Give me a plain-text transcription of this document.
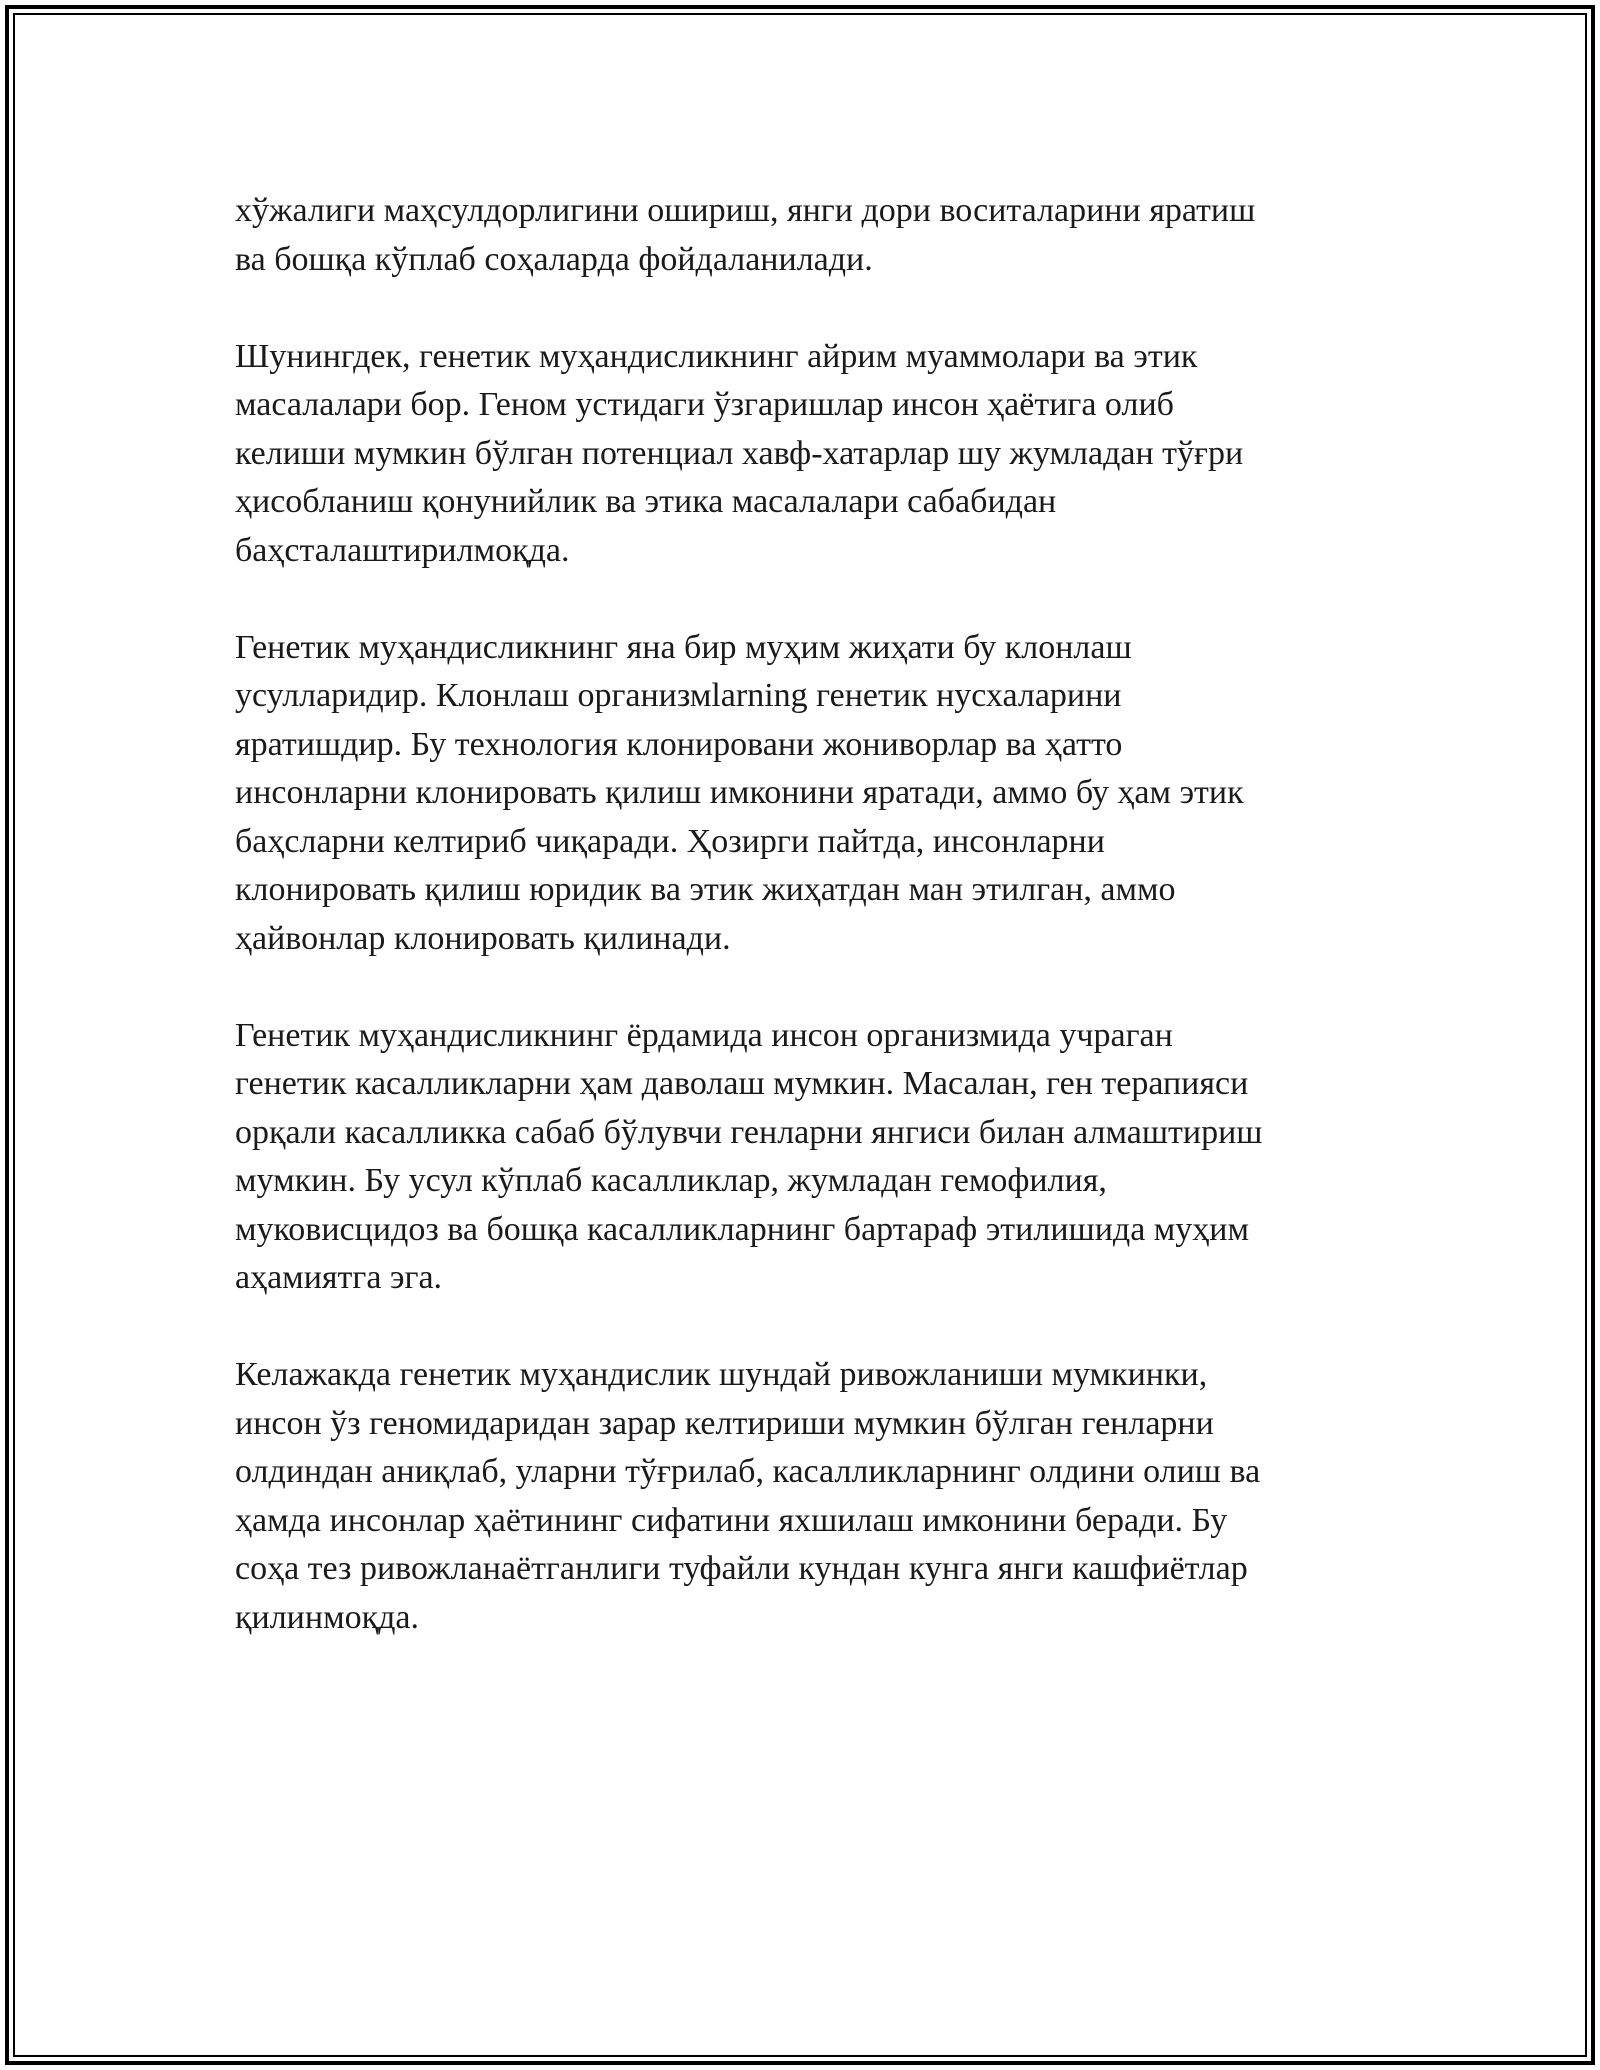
хўжалиги маҳсулдорлигини ошириш, янги дори воситаларини яратиш
ва бошқа кўплаб соҳаларда фойдаланилади.

Шунингдек, генетик муҳандисликнинг айрим муаммолари ва этик
масалалари бор. Геном устидаги ўзгаришлар инсон ҳаётига олиб
келиши мумкин бўлган потенциал хавф-хатарлар шу жумладан тўғри
ҳисобланиш қонунийлик ва этика масалалари сабабидан
баҳсталаштирилмоқда.

Генетик муҳандисликнинг яна бир муҳим жиҳати бу клонлаш
усулларидир. Клонлаш организмlarning генетик нусхаларини
яратишдир. Бу технология клонировани жониворлар ва ҳатто
инсонларни клонировать қилиш имконини яратади, аммо бу ҳам этик
баҳсларни келтириб чиқаради. Ҳозирги пайтда, инсонларни
клонировать қилиш юридик ва этик жиҳатдан ман этилган, аммо
ҳайвонлар клонировать қилинади.

Генетик муҳандисликнинг ёрдамида инсон организмида учраган
генетик касалликларни ҳам даволаш мумкин. Масалан, ген терапияси
орқали касалликка сабаб бўлувчи генларни янгиси билан алмаштириш
мумкин. Бу усул кўплаб касалликлар, жумладан гемофилия,
муковисцидоз ва бошқа касалликларнинг бартараф этилишида муҳим
аҳамиятга эга.

Келажакда генетик муҳандислик шундай ривожланиши мумкинки,
инсон ўз геномидаридан зарар келтириши мумкин бўлган генларни
олдиндан аниқлаб, уларни тўғрилаб, касалликларнинг олдини олиш ва
ҳамда инсонлар ҳаётининг сифатини яхшилаш имконини беради. Бу
соҳа тез ривожланаётганлиги туфайли кундан кунга янги кашфиётлар
қилинмоқда.
